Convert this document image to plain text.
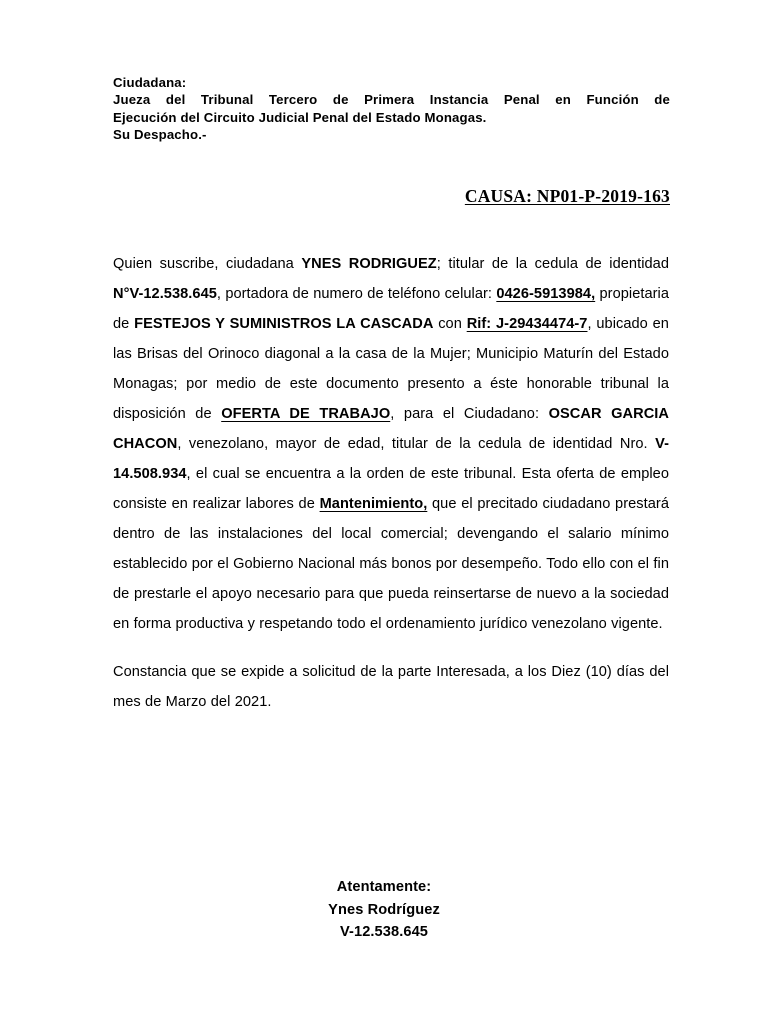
Ciudadana:
Jueza del Tribunal Tercero de Primera Instancia Penal en Función de
Ejecución del Circuito Judicial Penal del Estado Monagas.
Su Despacho.-
CAUSA: NP01-P-2019-163

Quien suscribe, ciudadana YNES RODRIGUEZ; titular de la cedula de identidad N°V-12.538.645, portadora de numero de teléfono celular: 0426-5913984, propietaria de FESTEJOS Y SUMINISTROS LA CASCADA con Rif: J-29434474-7, ubicado en las Brisas del Orinoco diagonal a la casa de la Mujer; Municipio Maturín del Estado Monagas; por medio de este documento presento a éste honorable tribunal la disposición de OFERTA DE TRABAJO, para el Ciudadano: OSCAR GARCIA CHACON, venezolano, mayor de edad, titular de la cedula de identidad Nro. V-14.508.934, el cual se encuentra a la orden de este tribunal. Esta oferta de empleo consiste en realizar labores de Mantenimiento, que el precitado ciudadano prestará dentro de las instalaciones del local comercial; devengando el salario mínimo establecido por el Gobierno Nacional más bonos por desempeño. Todo ello con el fin de prestarle el apoyo necesario para que pueda reinsertarse de nuevo a la sociedad en forma productiva y respetando todo el ordenamiento jurídico venezolano vigente.

Constancia que se expide a solicitud de la parte Interesada, a los Diez (10) días del mes de Marzo del 2021.

Atentamente:
Ynes Rodríguez
V-12.538.645
